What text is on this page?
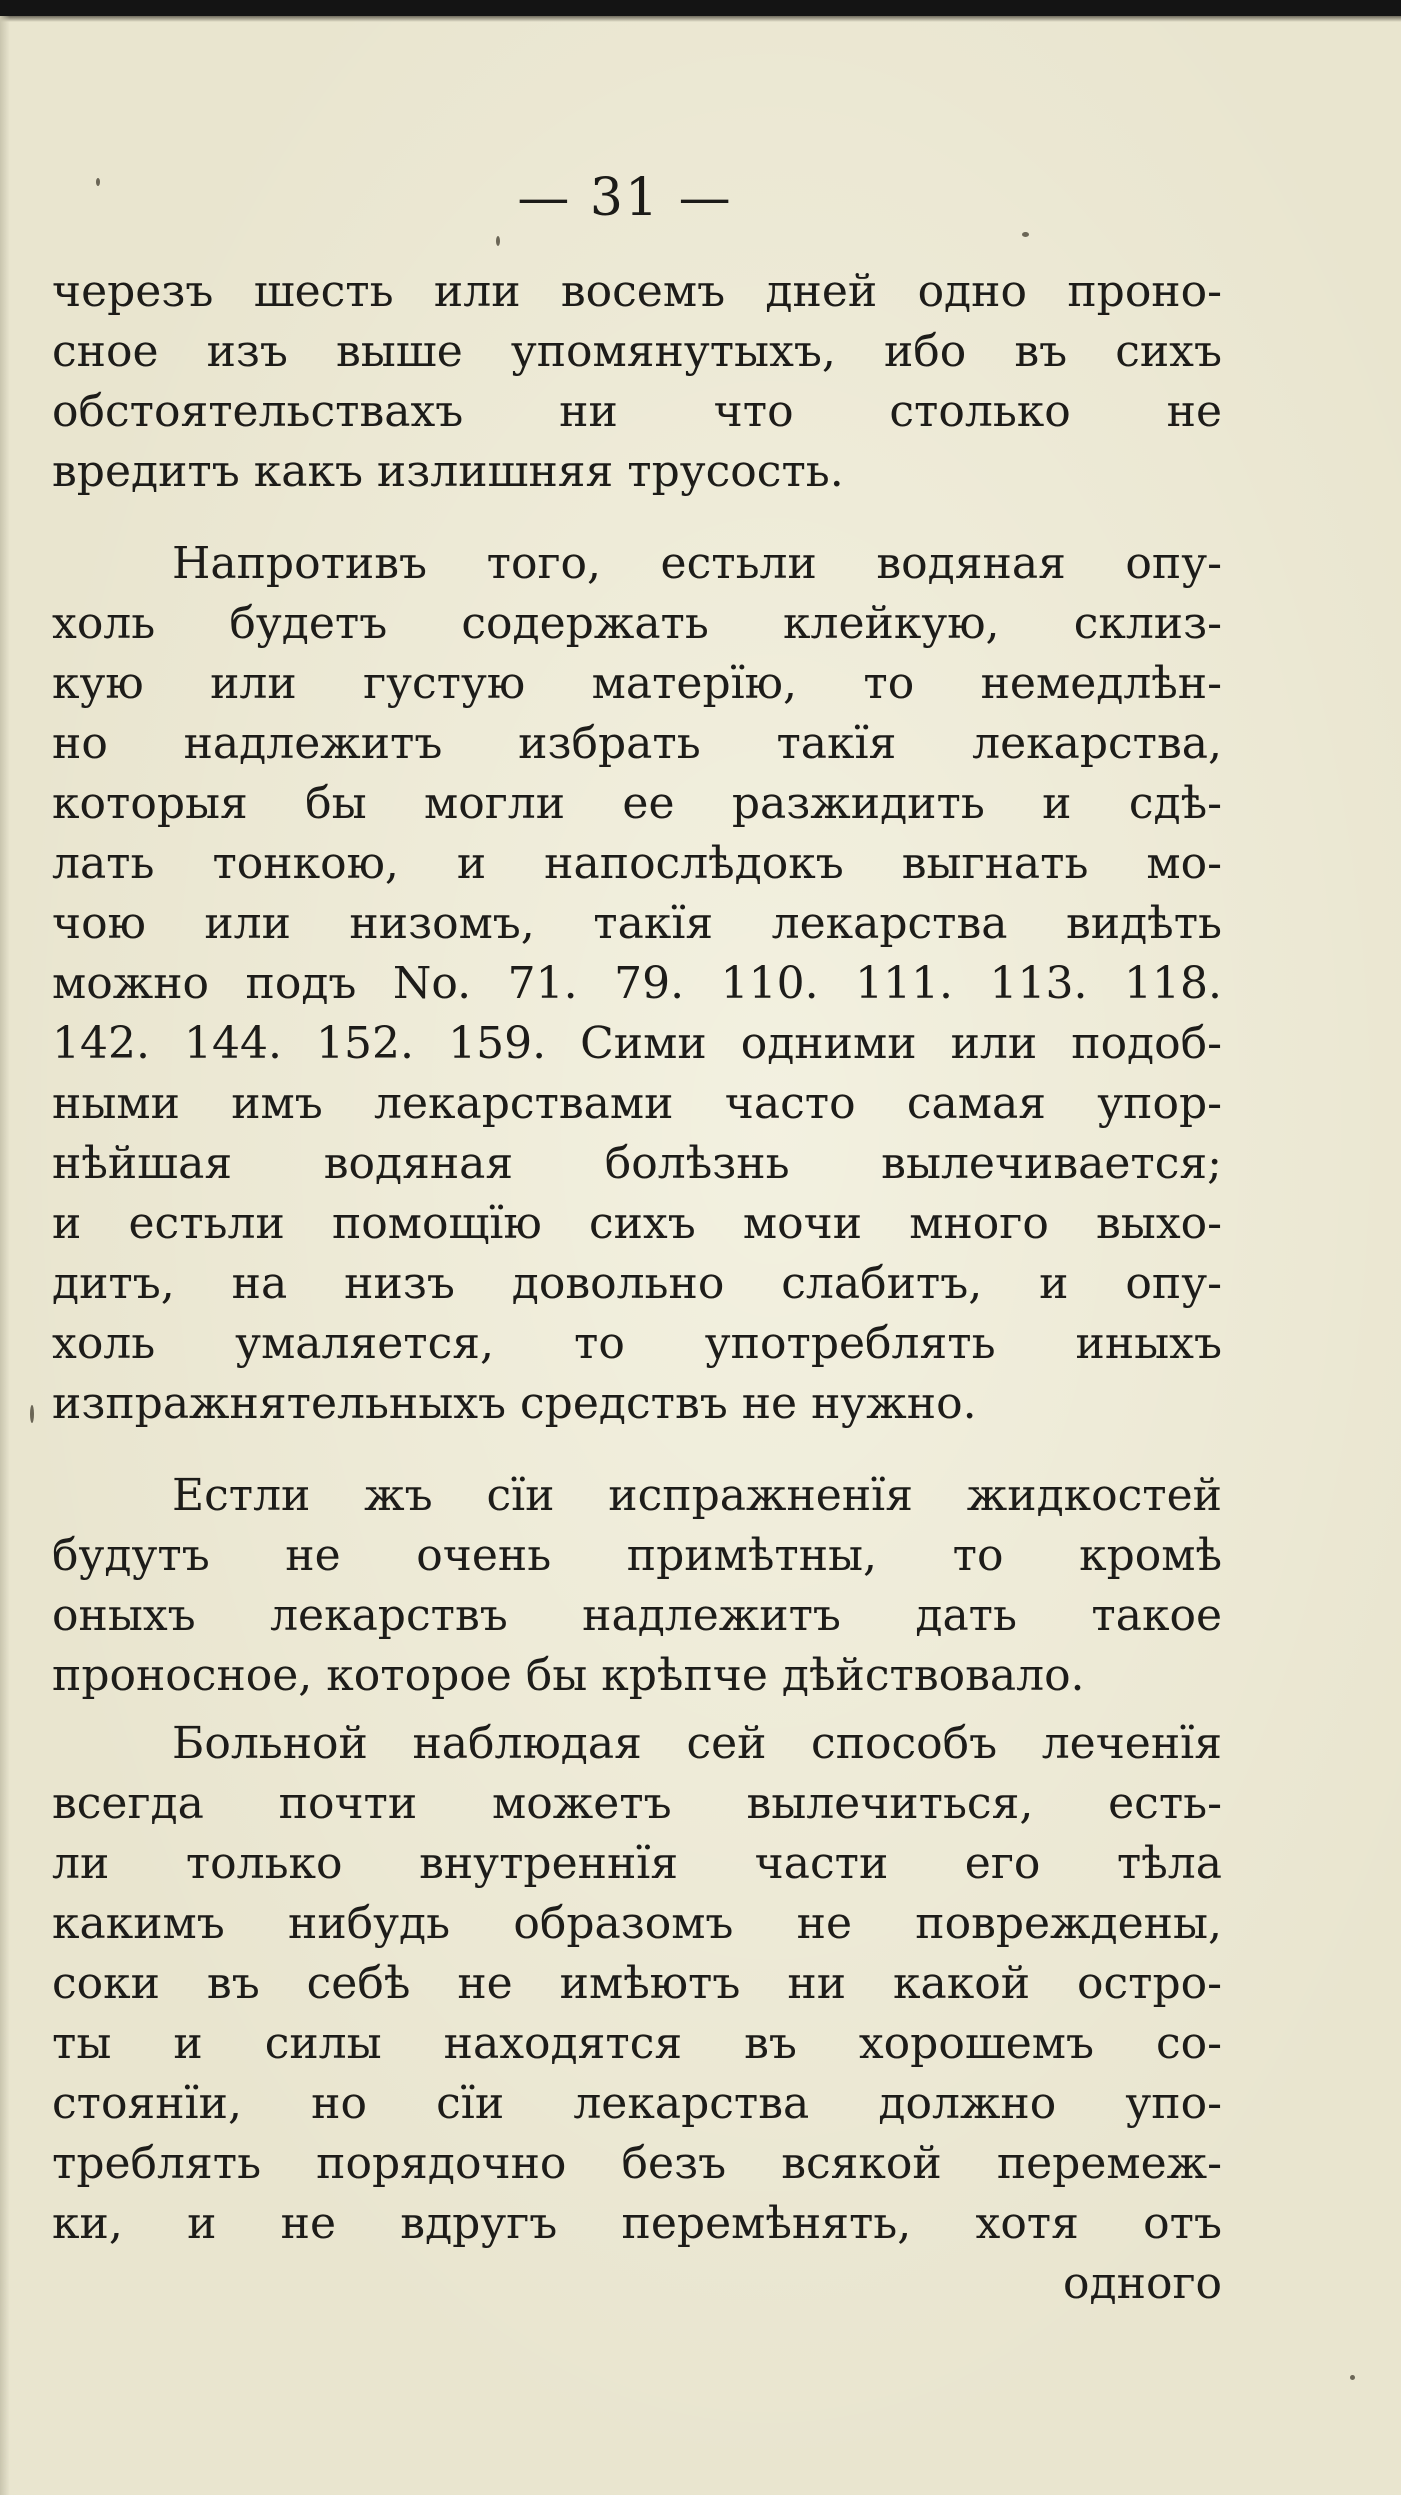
— 31 —
черезъ шесть или восемъ дней одно проно-
сное изъ выше упомянутыхъ, ибо въ сихъ
обстоятельствахъ ни что столько не
вредитъ какъ излишняя трусость.
Напротивъ того, естьли водяная опу-
холь будетъ содержать клейкую, склиз-
кую или густую матерїю, то немедлѣн-
но надлежитъ избрать такїя лекарства,
которыя бы могли ее разжидить и сдѣ-
лать тонкою, и напослѣдокъ выгнать мо-
чою или низомъ, такїя лекарства видѣть
можно подъ No. 71. 79. 110. 111. 113. 118.
142. 144. 152. 159. Сими одними или подоб-
ными имъ лекарствами часто самая упор-
нѣйшая водяная болѣзнь вылечивается;
и естьли помощїю сихъ мочи много выхо-
дитъ, на низъ довольно слабитъ, и опу-
холь умаляется, то употреблять иныхъ
изпражнятельныхъ средствъ не нужно.
Естли жъ сїи испражненїя жидкостей
будутъ не очень примѣтны, то кромѣ
оныхъ лекарствъ надлежитъ дать такое
проносное, которое бы крѣпче дѣйствовало.
Больной наблюдая сей способъ леченїя
всегда почти можетъ вылечиться, есть-
ли только внутреннїя части его тѣла
какимъ нибудь образомъ не повреждены,
соки въ себѣ не имѣютъ ни какой остро-
ты и силы находятся въ хорошемъ со-
стоянїи, но сїи лекарства должно упо-
треблять порядочно безъ всякой перемеж-
ки, и не вдругъ перемѣнять, хотя отъ
одного
